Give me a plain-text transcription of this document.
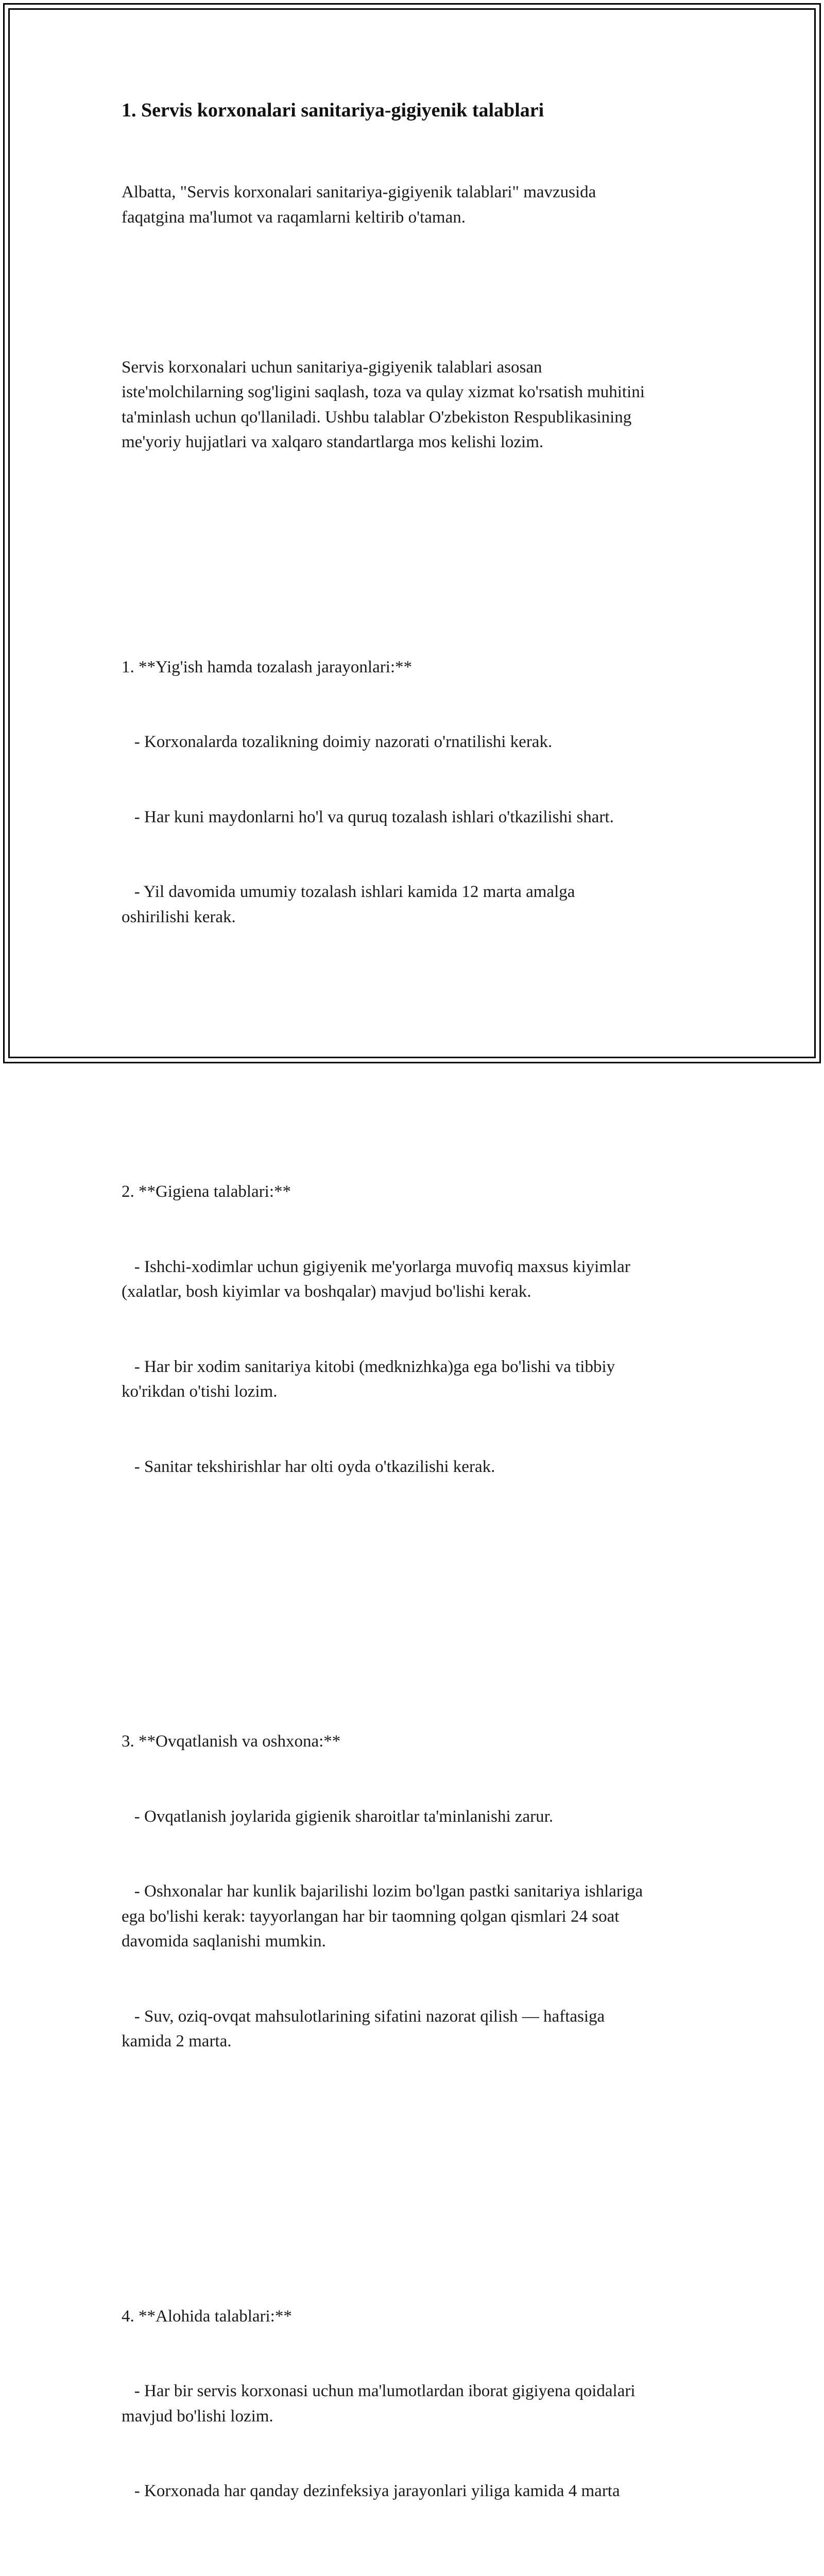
1. Servis korxonalari sanitariya-gigiyenik talablari

Albatta, "Servis korxonalari sanitariya-gigiyenik talablari" mavzusida
faqatgina ma'lumot va raqamlarni keltirib o'taman.

Servis korxonalari uchun sanitariya-gigiyenik talablari asosan
iste'molchilarning sog'ligini saqlash, toza va qulay xizmat ko'rsatish muhitini
ta'minlash uchun qo'llaniladi. Ushbu talablar O'zbekiston Respublikasining
me'yoriy hujjatlari va xalqaro standartlarga mos kelishi lozim.

1. **Yig'ish hamda tozalash jarayonlari:**

- Korxonalarda tozalikning doimiy nazorati o'rnatilishi kerak.

- Har kuni maydonlarni ho'l va quruq tozalash ishlari o'tkazilishi shart.

- Yil davomida umumiy tozalash ishlari kamida 12 marta amalga
oshirilishi kerak.

2. **Gigiena talablari:**

- Ishchi-xodimlar uchun gigiyenik me'yorlarga muvofiq maxsus kiyimlar
(xalatlar, bosh kiyimlar va boshqalar) mavjud bo'lishi kerak.

- Har bir xodim sanitariya kitobi (medknizhka)ga ega bo'lishi va tibbiy
ko'rikdan o'tishi lozim.

- Sanitar tekshirishlar har olti oyda o'tkazilishi kerak.

3. **Ovqatlanish va oshxona:**

- Ovqatlanish joylarida gigienik sharoitlar ta'minlanishi zarur.

- Oshxonalar har kunlik bajarilishi lozim bo'lgan pastki sanitariya ishlariga
ega bo'lishi kerak: tayyorlangan har bir taomning qolgan qismlari 24 soat
davomida saqlanishi mumkin.

- Suv, oziq-ovqat mahsulotlarining sifatini nazorat qilish — haftasiga
kamida 2 marta.

4. **Alohida talablari:**

- Har bir servis korxonasi uchun ma'lumotlardan iborat gigiyena qoidalari
mavjud bo'lishi lozim.

- Korxonada har qanday dezinfeksiya jarayonlari yiliga kamida 4 marta
